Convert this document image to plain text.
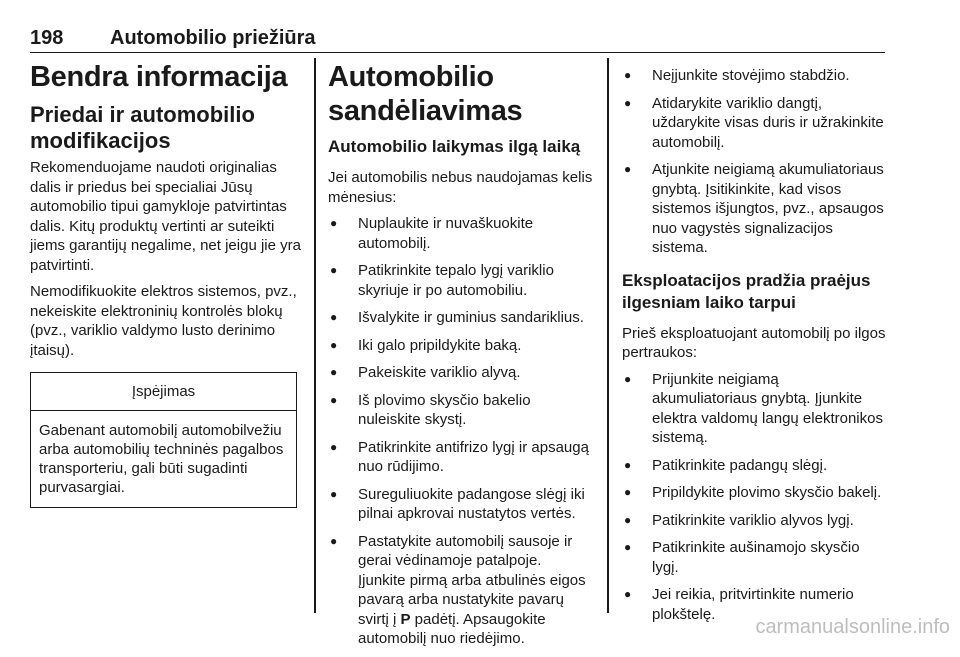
198 Automobilio priežiūra
Bendra informacija
Priedai ir automobilio modifikacijos

Rekomenduojame naudoti originalias dalis ir priedus bei specialiai Jūsų automobilio tipui gamykloje patvirtintas dalis. Kitų produktų vertinti ar suteikti jiems garantijų negalime, net jeigu jie yra patvirtinti.

Nemodifikuokite elektros sistemos, pvz., nekeiskite elektroninių kontrolės blokų (pvz., variklio valdymo lusto derinimo įtaisų).

Įspėjimas
Gabenant automobilį automobilvežiu arba automobilių techninės pagalbos transporteriu, gali būti sugadinti purvasargiai.
Automobilio sandėliavimas
Automobilio laikymas ilgą laiką

Jei automobilis nebus naudojamas kelis mėnesius:

● Nuplaukite ir nuvaškuokite automobilį.
● Patikrinkite tepalo lygį variklio skyriuje ir po automobiliu.
● Išvalykite ir guminius sandariklius.
● Iki galo pripildykite baką.
● Pakeiskite variklio alyvą.
● Iš plovimo skysčio bakelio nuleiskite skystį.
● Patikrinkite antifrizo lygį ir apsaugą nuo rūdijimo.
● Sureguliuokite padangose slėgį iki pilnai apkrovai nustatytos vertės.
● Pastatykite automobilį sausoje ir gerai vėdinamoje patalpoje. Įjunkite pirmą arba atbulinės eigos pavarą arba nustatykite pavarų svirtį į P padėtį. Apsaugokite automobilį nuo riedėjimo.
● Neįjunkite stovėjimo stabdžio.
● Atidarykite variklio dangtį, uždarykite visas duris ir užrakinkite automobilį.
● Atjunkite neigiamą akumuliatoriaus gnybtą. Įsitikinkite, kad visos sistemos išjungtos, pvz., apsaugos nuo vagystės signalizacijos sistema.
Eksploatacijos pradžia praėjus ilgesniam laiko tarpui

Prieš eksploatuojant automobilį po ilgos pertraukos:

● Prijunkite neigiamą akumuliatoriaus gnybtą. Įjunkite elektra valdomų langų elektronikos sistemą.
● Patikrinkite padangų slėgį.
● Pripildykite plovimo skysčio bakelį.
● Patikrinkite variklio alyvos lygį.
● Patikrinkite aušinamojo skysčio lygį.
● Jei reikia, pritvirtinkite numerio plokštelę.
carmanualsonline.info
